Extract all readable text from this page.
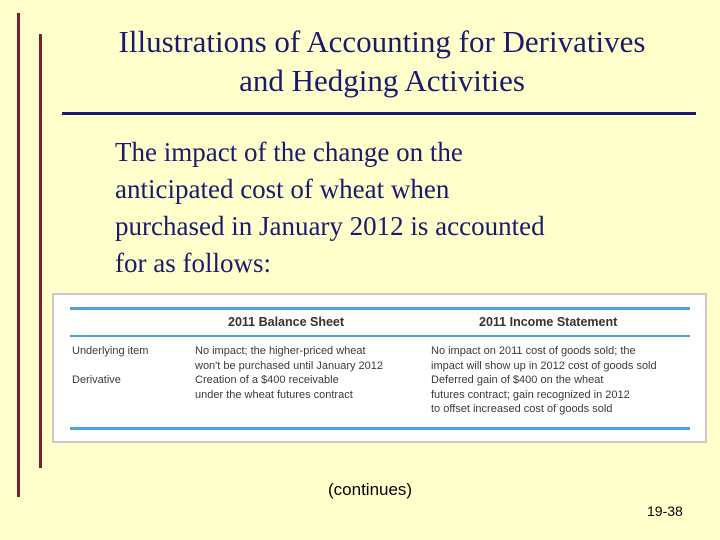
Illustrations of Accounting for Derivatives
and Hedging Activities
The impact of the change on the
anticipated cost of wheat when
purchased in January 2012 is accounted
for as follows:
2011 Balance Sheet	2011 Income Statement
Underlying item
Derivative
No impact; the higher-priced wheat
won't be purchased until January 2012
Creation of a $400 receivable
under the wheat futures contract
No impact on 2011 cost of goods sold; the
impact will show up in 2012 cost of goods sold
Deferred gain of $400 on the wheat
futures contract; gain recognized in 2012
to offset increased cost of goods sold
(continues)
19-38
